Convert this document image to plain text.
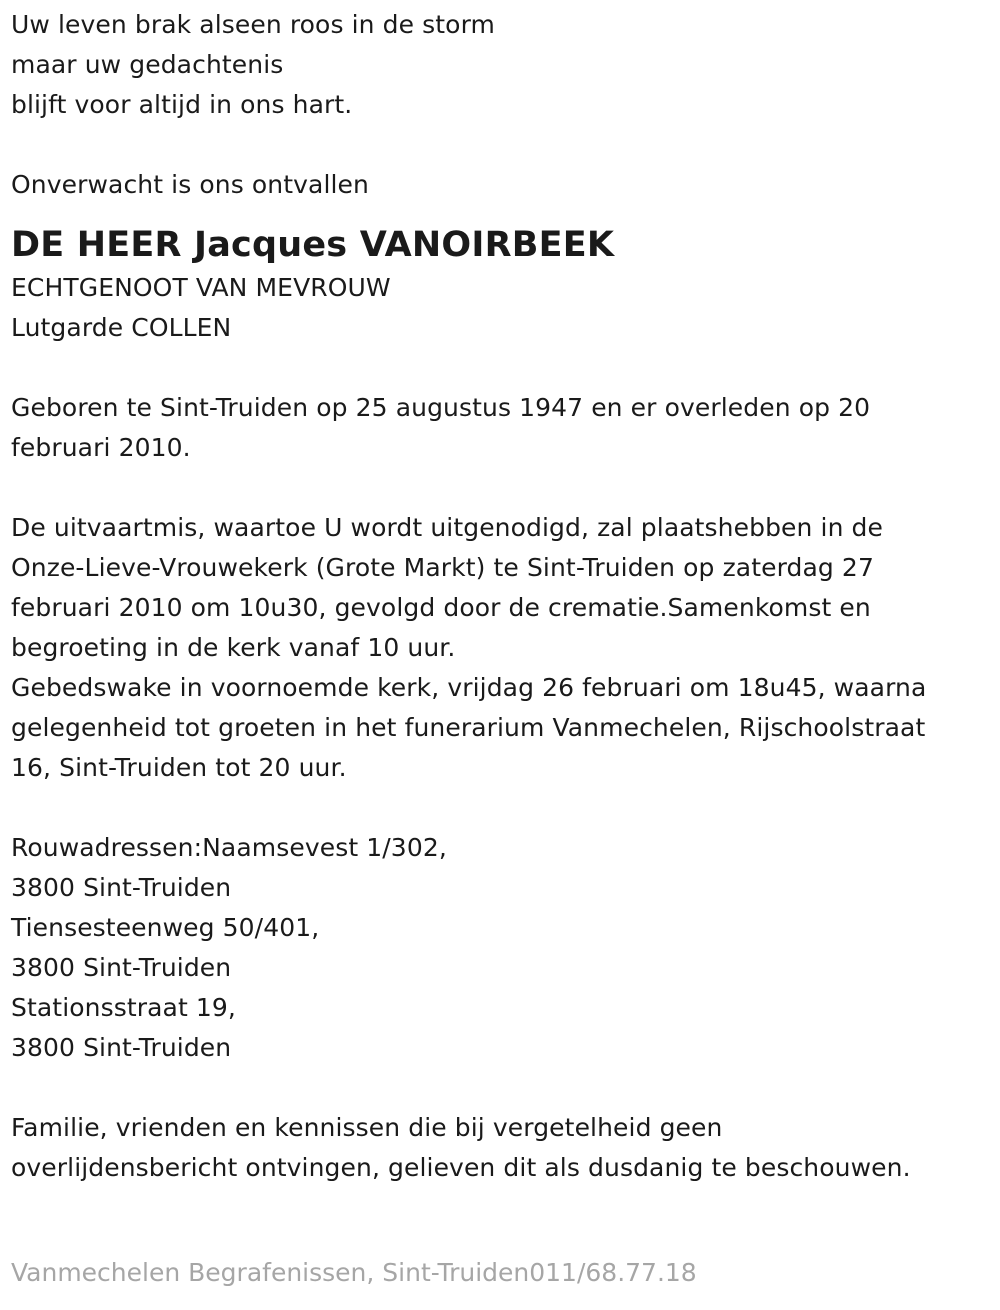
Uw leven brak alseen roos in de storm
maar uw gedachtenis
blijft voor altijd in ons hart.
Onverwacht is ons ontvallen
DE HEER Jacques VANOIRBEEK
ECHTGENOOT VAN MEVROUW
Lutgarde COLLEN
Geboren te Sint-Truiden op 25 augustus 1947 en er overleden op 20
februari 2010.
De uitvaartmis, waartoe U wordt uitgenodigd, zal plaatshebben in de
Onze-Lieve-Vrouwekerk (Grote Markt) te Sint-Truiden op zaterdag 27
februari 2010 om 10u30, gevolgd door de crematie.Samenkomst en
begroeting in de kerk vanaf 10 uur.
Gebedswake in voornoemde kerk, vrijdag 26 februari om 18u45, waarna
gelegenheid tot groeten in het funerarium Vanmechelen, Rijschoolstraat
16, Sint-Truiden tot 20 uur.
Rouwadressen:Naamsevest 1/302,
3800 Sint-Truiden
Tiensesteenweg 50/401,
3800 Sint-Truiden
Stationsstraat 19,
3800 Sint-Truiden
Familie, vrienden en kennissen die bij vergetelheid geen
overlijdensbericht ontvingen, gelieven dit als dusdanig te beschouwen.
Vanmechelen Begrafenissen, Sint-Truiden011/68.77.18
